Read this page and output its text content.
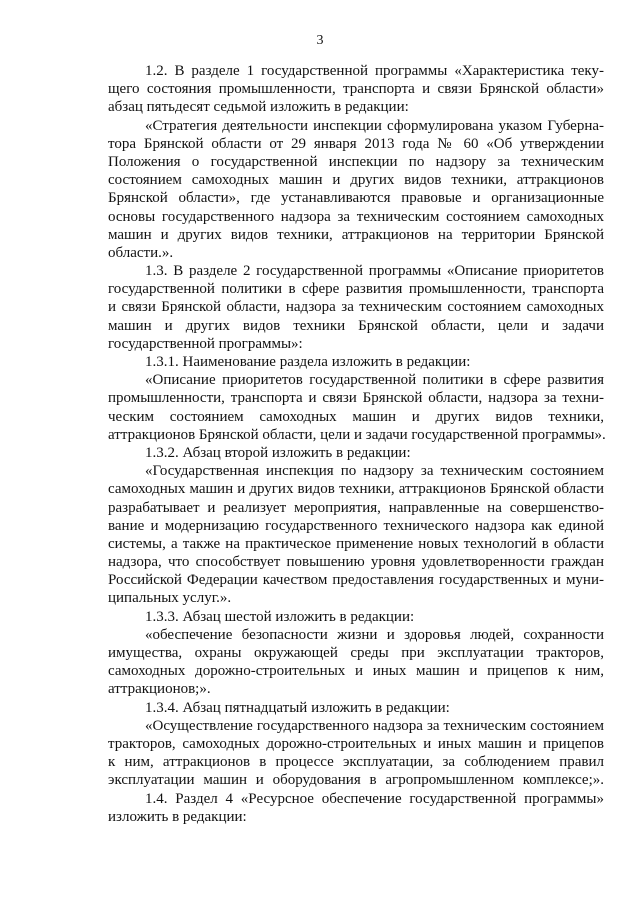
3
1.2. В разделе 1 государственной программы «Характеристика теку-
щего состояния промышленности, транспорта и связи Брянской области»
абзац пятьдесят седьмой изложить в редакции:
«Стратегия деятельности инспекции сформулирована указом Губерна-
тора Брянской области от 29 января 2013 года № 60 «Об утверждении
Положения о государственной инспекции по надзору за техническим
состоянием самоходных машин и других видов техники, аттракционов
Брянской области», где устанавливаются правовые и организационные
основы государственного надзора за техническим состоянием самоходных
машин и других видов техники, аттракционов на территории Брянской
области.».
1.3. В разделе 2 государственной программы «Описание приоритетов
государственной политики в сфере развития промышленности, транспорта
и связи Брянской области, надзора за техническим состоянием самоходных
машин и других видов техники Брянской области, цели и задачи
государственной программы»:
1.3.1. Наименование раздела изложить в редакции:
«Описание приоритетов государственной политики в сфере развития
промышленности, транспорта и связи Брянской области, надзора за техни-
ческим состоянием самоходных машин и других видов техники,
аттракционов Брянской области, цели и задачи государственной программы».
1.3.2. Абзац второй изложить в редакции:
«Государственная инспекция по надзору за техническим состоянием
самоходных машин и других видов техники, аттракционов Брянской области
разрабатывает и реализует мероприятия, направленные на совершенство-
вание и модернизацию государственного технического надзора как единой
системы, а также на практическое применение новых технологий в области
надзора, что способствует повышению уровня удовлетворенности граждан
Российской Федерации качеством предоставления государственных и муни-
ципальных услуг.».
1.3.3. Абзац шестой изложить в редакции:
«обеспечение безопасности жизни и здоровья людей, сохранности
имущества, охраны окружающей среды при эксплуатации тракторов,
самоходных дорожно-строительных и иных машин и прицепов к ним,
аттракционов;».
1.3.4. Абзац пятнадцатый изложить в редакции:
«Осуществление государственного надзора за техническим состоянием
тракторов, самоходных дорожно-строительных и иных машин и прицепов
к ним, аттракционов в процессе эксплуатации, за соблюдением правил
эксплуатации машин и оборудования в агропромышленном комплексе;».
1.4. Раздел 4 «Ресурсное обеспечение государственной программы»
изложить в редакции:
